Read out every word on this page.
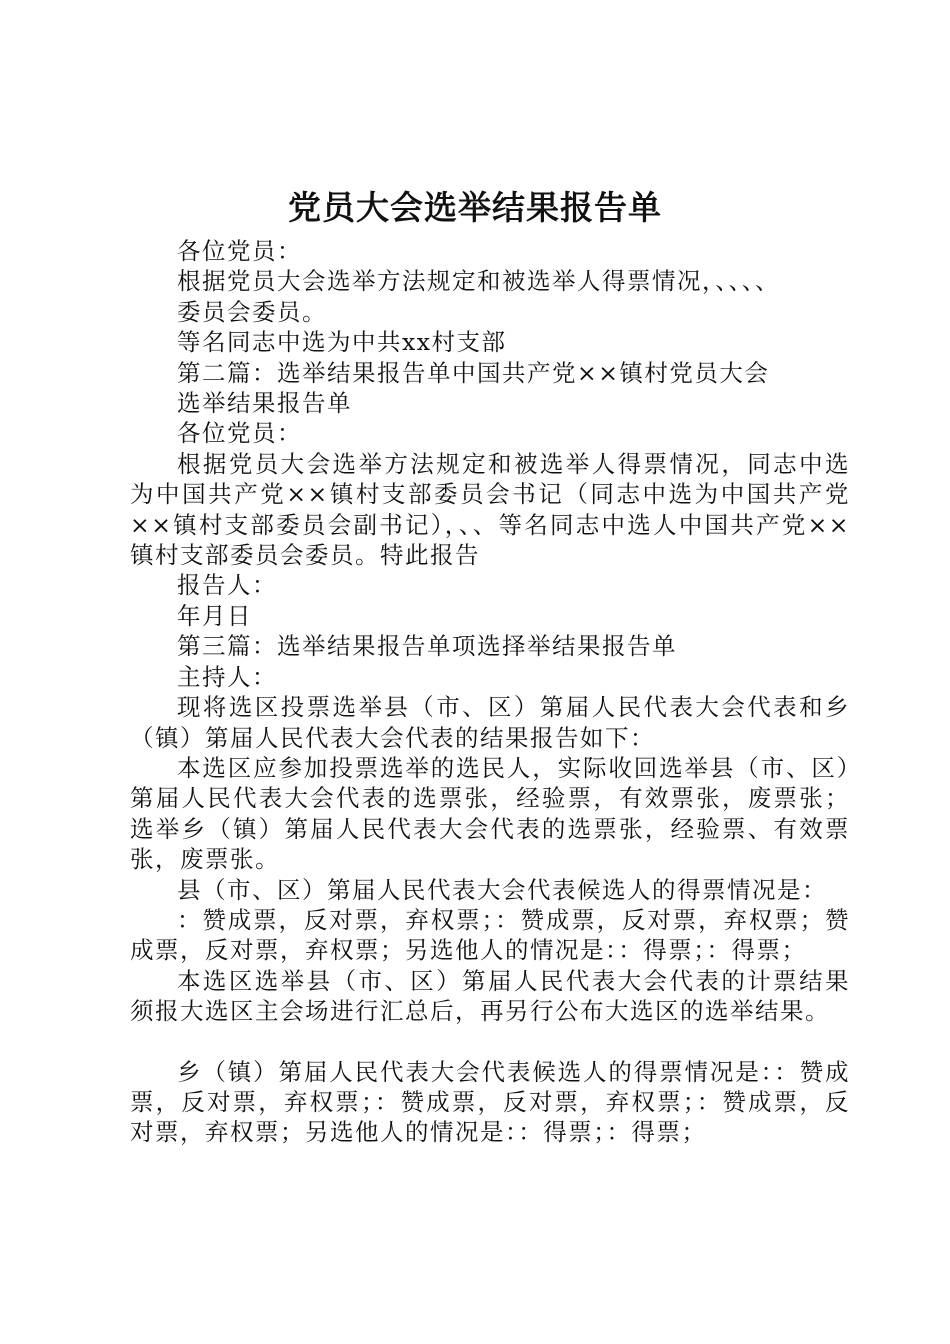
党员大会选举结果报告单

各位党员：

根据党员大会选举方法规定和被选举人得票情况，、、、、

委员会委员。

等名同志中选为中共xx村支部

第二篇：选举结果报告单中国共产党××镇村党员大会

选举结果报告单

各位党员：

根据党员大会选举方法规定和被选举人得票情况，同志中选为中国共产党××镇村支部委员会书记（同志中选为中国共产党××镇村支部委员会副书记），、、等名同志中选人中国共产党××镇村支部委员会委员。特此报告

报告人：

年月日

第三篇：选举结果报告单项选择举结果报告单

主持人：

现将选区投票选举县（市、区）第届人民代表大会代表和乡（镇）第届人民代表大会代表的结果报告如下：

本选区应参加投票选举的选民人，实际收回选举县（市、区）第届人民代表大会代表的选票张，经验票，有效票张，废票张；选举乡（镇）第届人民代表大会代表的选票张，经验票、有效票张，废票张。

县（市、区）第届人民代表大会代表候选人的得票情况是：

：赞成票，反对票，弃权票；：赞成票，反对票，弃权票；赞成票，反对票，弃权票；另选他人的情况是：：得票；：得票；

本选区选举县（市、区）第届人民代表大会代表的计票结果须报大选区主会场进行汇总后，再另行公布大选区的选举结果。

乡（镇）第届人民代表大会代表候选人的得票情况是：：赞成票，反对票，弃权票；：赞成票，反对票，弃权票；：赞成票，反对票，弃权票；另选他人的情况是：：得票；：得票；
